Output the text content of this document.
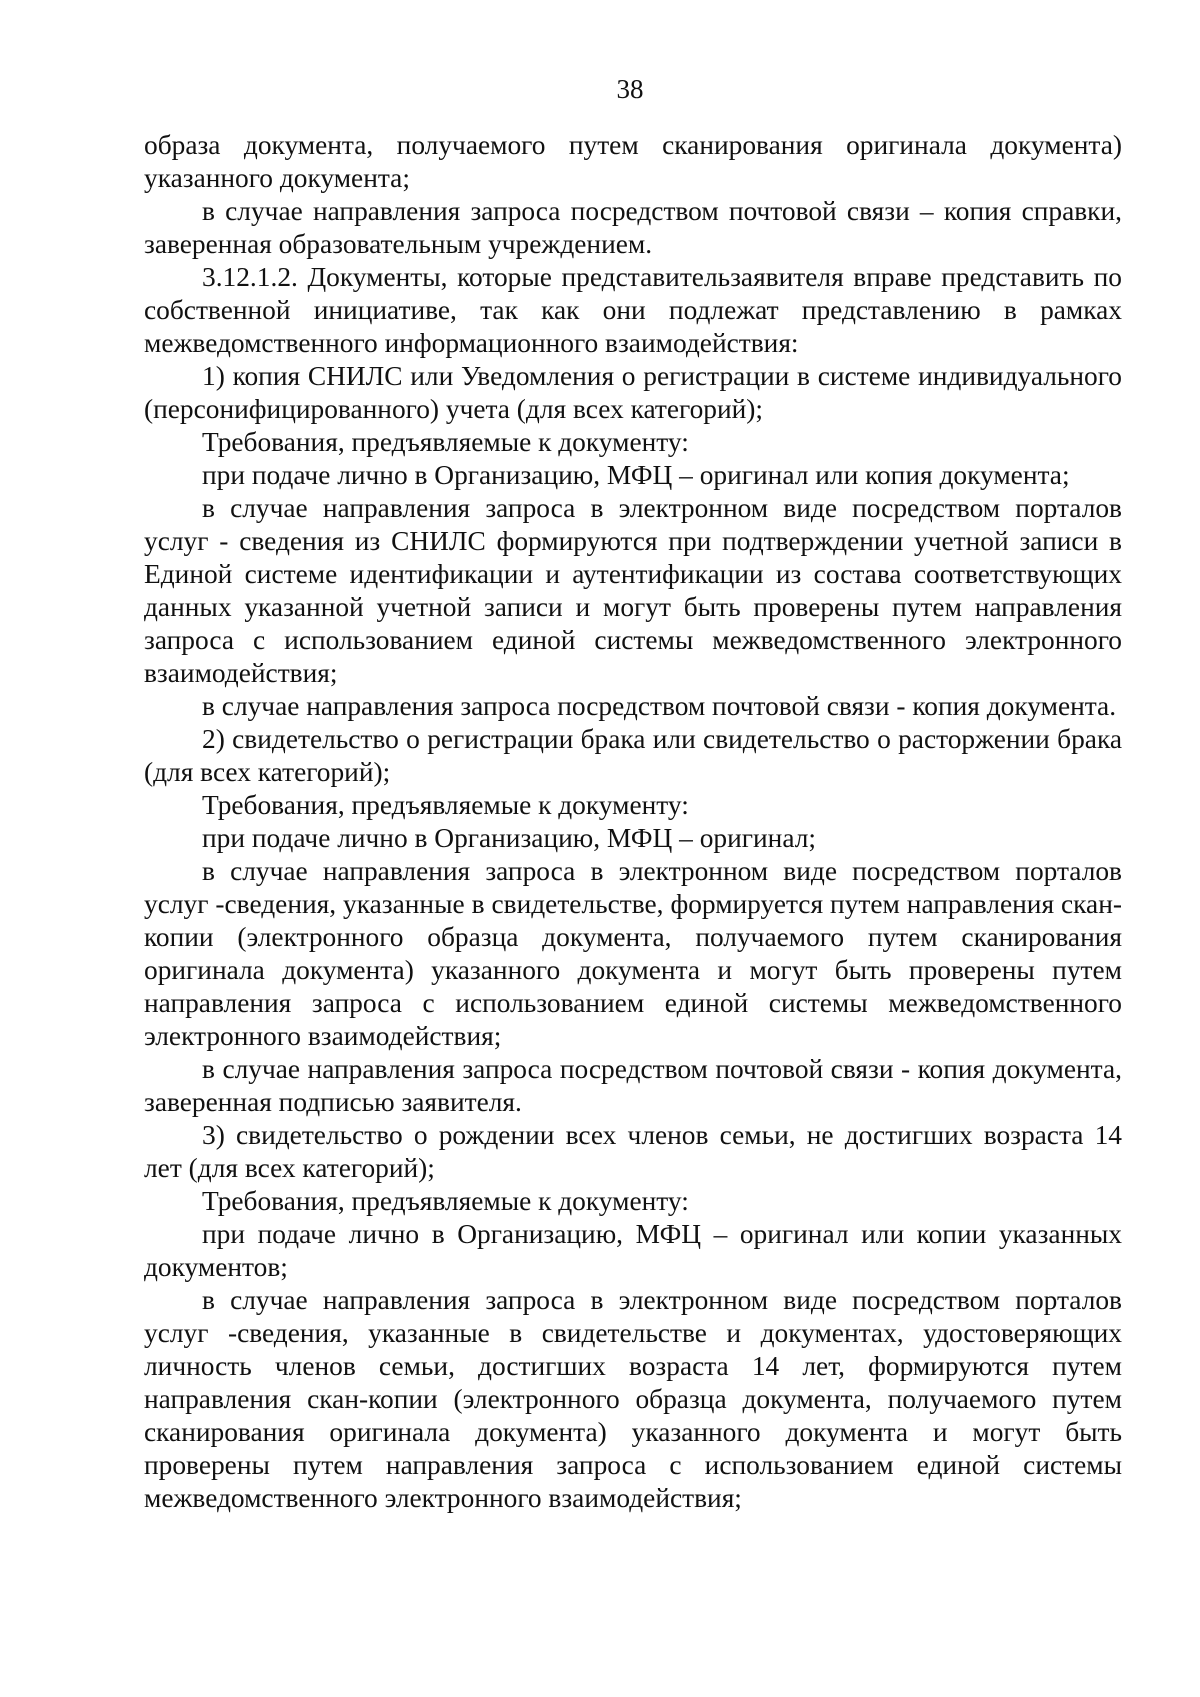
38

образа документа, получаемого путем сканирования оригинала документа) указанного документа;

в случае направления запроса посредством почтовой связи – копия справки, заверенная образовательным учреждением.

3.12.1.2. Документы, которые представительзаявителя вправе представить по собственной инициативе, так как они подлежат представлению в рамках межведомственного информационного взаимодействия:

1) копия СНИЛС или Уведомления о регистрации в системе индивидуального (персонифицированного) учета (для всех категорий);

Требования, предъявляемые к документу:

при подаче лично в Организацию, МФЦ – оригинал или копия документа;

в случае направления запроса в электронном виде посредством порталов услуг - сведения из СНИЛС формируются при подтверждении учетной записи в Единой системе идентификации и аутентификации из состава соответствующих данных указанной учетной записи и могут быть проверены путем направления запроса с использованием единой системы межведомственного электронного взаимодействия;

в случае направления запроса посредством почтовой связи - копия документа.

2) свидетельство о регистрации брака или свидетельство о расторжении брака (для всех категорий);

Требования, предъявляемые к документу:

при подаче лично в Организацию, МФЦ – оригинал;

в случае направления запроса в электронном виде посредством порталов услуг -сведения, указанные в свидетельстве, формируется путем направления скан-копии (электронного образца документа, получаемого путем сканирования оригинала документа) указанного документа и могут быть проверены путем направления запроса с использованием единой системы межведомственного электронного взаимодействия;

в случае направления запроса посредством почтовой связи - копия документа, заверенная подписью заявителя.

3) свидетельство о рождении всех членов семьи, не достигших возраста 14 лет (для всех категорий);

Требования, предъявляемые к документу:

при подаче лично в Организацию, МФЦ – оригинал или копии указанных документов;

в случае направления запроса в электронном виде посредством порталов услуг -сведения, указанные в свидетельстве и документах, удостоверяющих личность членов семьи, достигших возраста 14 лет, формируются путем направления скан-копии (электронного образца документа, получаемого путем сканирования оригинала документа) указанного документа и могут быть проверены путем направления запроса с использованием единой системы межведомственного электронного взаимодействия;
